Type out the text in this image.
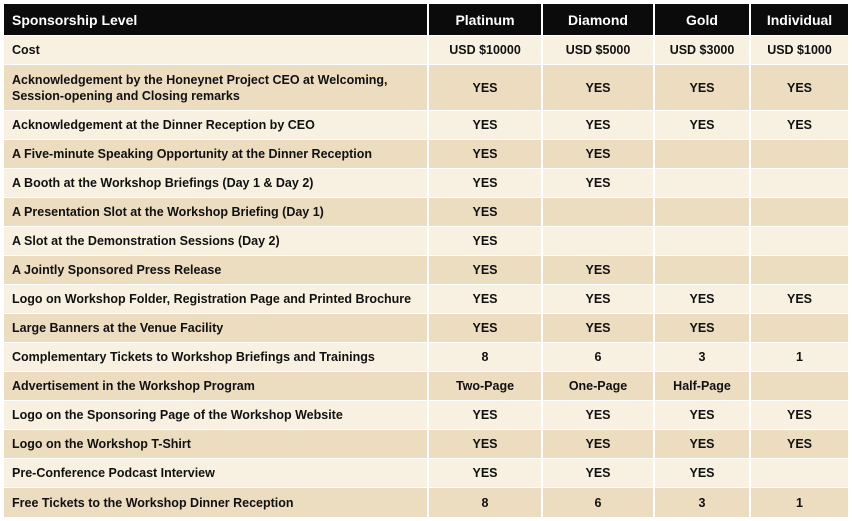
Sponsorship Level	Platinum	Diamond	Gold	Individual
Cost	USD $10000	USD $5000	USD $3000	USD $1000
Acknowledgement by the Honeynet Project CEO at Welcoming, Session-opening and Closing remarks	YES	YES	YES	YES
Acknowledgement at the Dinner Reception by CEO	YES	YES	YES	YES
A Five-minute Speaking Opportunity at the Dinner Reception	YES	YES		
A Booth at the Workshop Briefings (Day 1 & Day 2)	YES	YES		
A Presentation Slot at the Workshop Briefing (Day 1)	YES			
A Slot at the Demonstration Sessions (Day 2)	YES			
A Jointly Sponsored Press Release	YES	YES		
Logo on Workshop Folder, Registration Page and Printed Brochure	YES	YES	YES	YES
Large Banners at the Venue Facility	YES	YES	YES	
Complementary Tickets to Workshop Briefings and Trainings	8	6	3	1
Advertisement in the Workshop Program	Two-Page	One-Page	Half-Page	
Logo on the Sponsoring Page of the Workshop Website	YES	YES	YES	YES
Logo on the Workshop T-Shirt	YES	YES	YES	YES
Pre-Conference Podcast Interview	YES	YES	YES	
Free Tickets to the Workshop Dinner Reception	8	6	3	1
